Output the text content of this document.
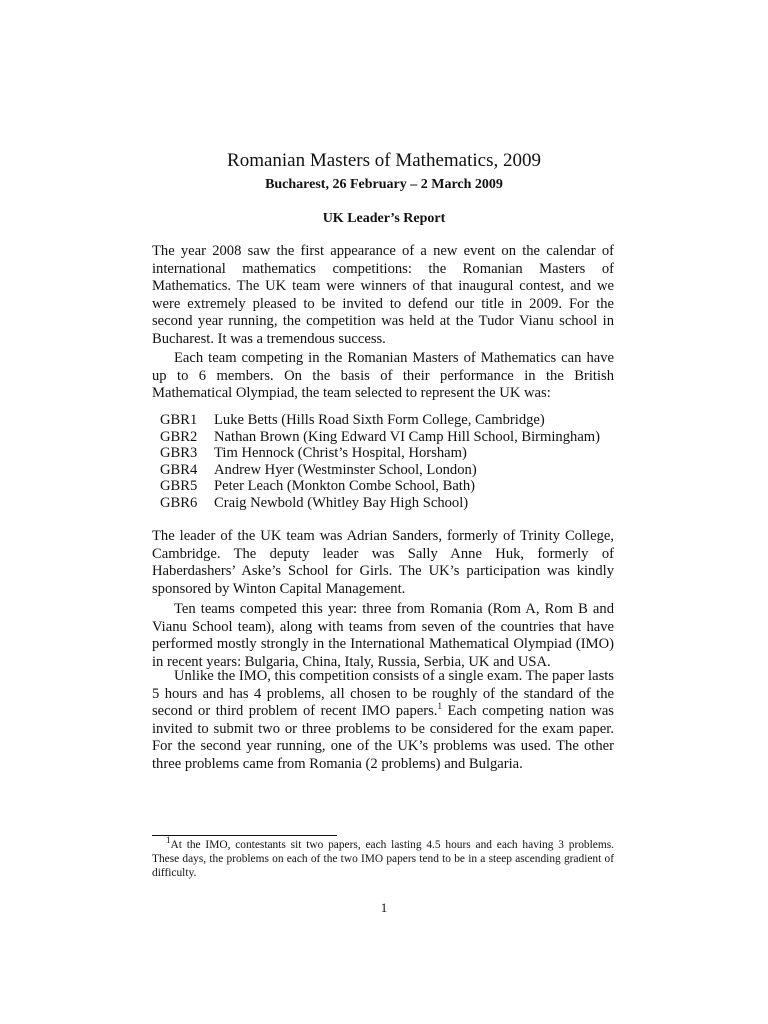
Romanian Masters of Mathematics, 2009
Bucharest, 26 February – 2 March 2009
UK Leader’s Report

The year 2008 saw the first appearance of a new event on the calendar of international mathematics competitions: the Romanian Masters of Mathematics. The UK team were winners of that inaugural contest, and we were extremely pleased to be invited to defend our title in 2009. For the second year running, the competition was held at the Tudor Vianu school in Bucharest. It was a tremendous success.

Each team competing in the Romanian Masters of Mathematics can have up to 6 members. On the basis of their performance in the British Mathematical Olympiad, the team selected to represent the UK was:

GBR1	Luke Betts (Hills Road Sixth Form College, Cambridge)
GBR2	Nathan Brown (King Edward VI Camp Hill School, Birmingham)
GBR3	Tim Hennock (Christ’s Hospital, Horsham)
GBR4	Andrew Hyer (Westminster School, London)
GBR5	Peter Leach (Monkton Combe School, Bath)
GBR6	Craig Newbold (Whitley Bay High School)

The leader of the UK team was Adrian Sanders, formerly of Trinity College, Cambridge. The deputy leader was Sally Anne Huk, formerly of Haberdashers’ Aske’s School for Girls. The UK’s participation was kindly sponsored by Winton Capital Management.

Ten teams competed this year: three from Romania (Rom A, Rom B and Vianu School team), along with teams from seven of the countries that have performed mostly strongly in the International Mathematical Olympiad (IMO) in recent years: Bulgaria, China, Italy, Russia, Serbia, UK and USA.

Unlike the IMO, this competition consists of a single exam. The paper lasts 5 hours and has 4 problems, all chosen to be roughly of the standard of the second or third problem of recent IMO papers.$^1$ Each competing nation was invited to submit two or three problems to be considered for the exam paper. For the second year running, one of the UK’s problems was used. The other three problems came from Romania (2 problems) and Bulgaria.

$^1$At the IMO, contestants sit two papers, each lasting 4.5 hours and each having 3 problems. These days, the problems on each of the two IMO papers tend to be in a steep ascending gradient of difficulty.

1
